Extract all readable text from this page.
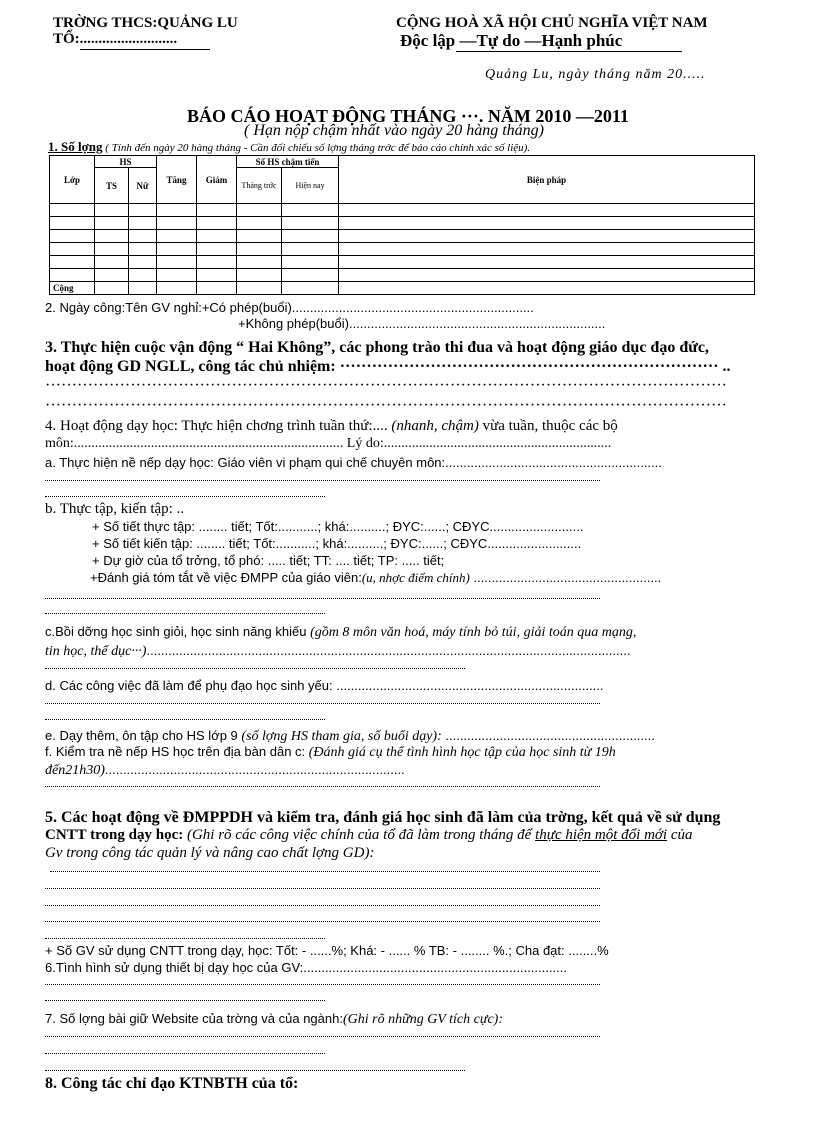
TRỜNG THCS:QUẢNG LU
TỔ:..........................
CỘNG HOÀ XÃ HỘI CHỦ NGHĨA VIỆT NAM
Độc lập —Tự do —Hạnh phúc
Quảng Lu, ngày tháng năm 20.....
BÁO CÁO HOẠT ĐỘNG THÁNG ···. NĂM 2010 —2011
( Hạn nộp chậm nhất vào ngày 20 hàng tháng)
1. Số lợng ( Tính đến ngày 20 hàng tháng - Cần đối chiếu số lợng tháng trớc để báo cáo chính xác số liệu).
Lớp	HS		Tăng	Giảm	Số HS chậm tiến		Biện pháp
	TS	Nữ			Tháng trớc	Hiện nay	

Cộng							
2. Ngày công:Tên GV nghỉ:+Có phép(buổi)...................................................................
+Không phép(buổi).......................................................................
3. Thực hiện cuộc vận động “ Hai Không”, các phong trào thi đua và hoạt động giáo dục đạo đức,
hoạt động GD NGLL, công tác chủ nhiệm: ······································································· ..
································································································································
································································································································
4. Hoạt động dạy học: Thực hiện chơng trình tuần thứ:.... (nhanh, chậm) vừa tuần, thuộc các bộ
môn:............................................................................. Lý do:.................................................................
a. Thực hiện nề nếp dạy học: Giáo viên vi phạm qui chế chuyên môn:............................................................
b. Thực tập, kiến tập: ..
+ Số tiết thực tập: ........ tiết; Tốt:...........; khá:..........; ĐYC:......; CĐYC..........................
+ Số tiết kiến tập: ........ tiết; Tốt:...........; khá:..........; ĐYC:......; CĐYC..........................
+ Dự giờ của tổ trởng, tổ phó: ..... tiết; TT: .... tiết; TP: ..... tiết;
+Đánh giá tóm tắt về việc ĐMPP của giáo viên:(u, nhợc điểm chính) ....................................................
c.Bồi dỡng học sinh giỏi, học sinh năng khiếu (gồm 8 môn văn hoá, máy tính bỏ túi, giải toán qua mạng,
tin học, thể dục···)......................................................................................................................................
d. Các công việc đã làm để phụ đạo học sinh yếu: ..........................................................................
e. Dạy thêm, ôn tập cho HS lớp 9 (số lợng HS tham gia, số buổi dạy): ..........................................................
f. Kiểm tra nề nếp HS học trên địa bàn dân c: (Đánh giá cụ thể tình hình học tập của học sinh từ 19h
đến21h30)...................................................................................
5. Các hoạt động về ĐMPPDH và kiểm tra, đánh giá học sinh đã làm của trờng, kết quả về sử dụng
CNTT trong dạy học: (Ghi rõ các công việc chính của tổ đã làm trong tháng để thực hiện một đổi mới của
Gv trong công tác quản lý và nâng cao chất lợng GD):
+ Số GV sử dụng CNTT trong dạy, học: Tốt: - ......%; Khá: - ...... % TB: - ........ %.; Cha đạt: ........%
6.Tình hình sử dụng thiết bị dạy học của GV:.........................................................................
7. Số lợng bài giữ Website của trờng và của ngành:(Ghi rõ những GV tích cực):
8. Công tác chỉ đạo KTNBTH của tổ:
